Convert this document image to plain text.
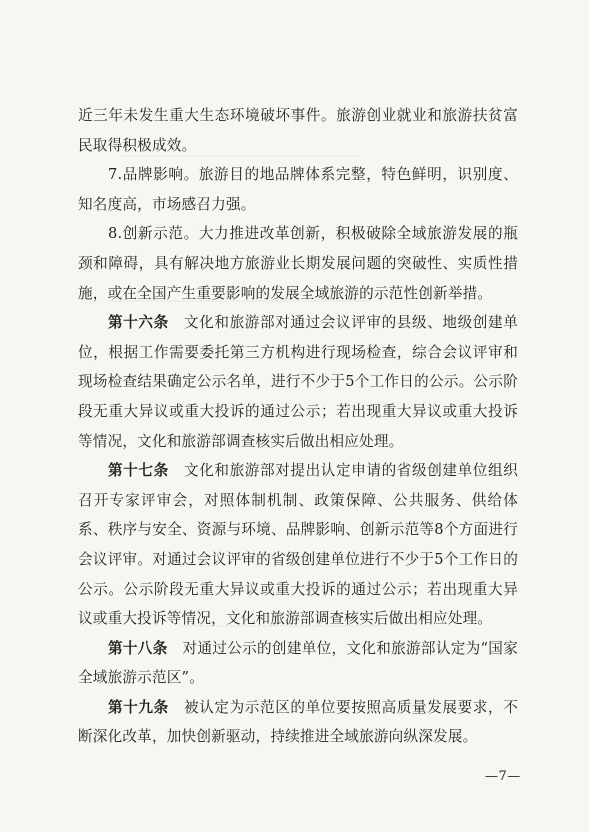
近三年未发生重大生态环境破坏事件。旅游创业就业和旅游扶贫富民取得积极成效。

7.品牌影响。旅游目的地品牌体系完整，特色鲜明，识别度、知名度高，市场感召力强。

8.创新示范。大力推进改革创新，积极破除全域旅游发展的瓶颈和障碍，具有解决地方旅游业长期发展问题的突破性、实质性措施，或在全国产生重要影响的发展全域旅游的示范性创新举措。

第十六条　文化和旅游部对通过会议评审的县级、地级创建单位，根据工作需要委托第三方机构进行现场检查，综合会议评审和现场检查结果确定公示名单，进行不少于5个工作日的公示。公示阶段无重大异议或重大投诉的通过公示；若出现重大异议或重大投诉等情况，文化和旅游部调查核实后做出相应处理。

第十七条　文化和旅游部对提出认定申请的省级创建单位组织召开专家评审会，对照体制机制、政策保障、公共服务、供给体系、秩序与安全、资源与环境、品牌影响、创新示范等8个方面进行会议评审。对通过会议评审的省级创建单位进行不少于5个工作日的公示。公示阶段无重大异议或重大投诉的通过公示；若出现重大异议或重大投诉等情况，文化和旅游部调查核实后做出相应处理。

第十八条　对通过公示的创建单位，文化和旅游部认定为“国家全域旅游示范区”。

第十九条　被认定为示范区的单位要按照高质量发展要求，不断深化改革，加快创新驱动，持续推进全域旅游向纵深发展。

—7—
